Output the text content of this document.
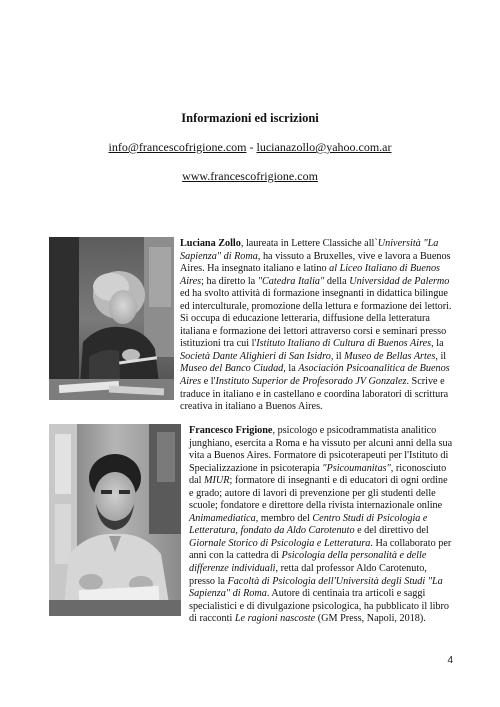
Informazioni ed iscrizioni
info@francescofrigione.com - lucianazollo@yahoo.com.ar
www.francescofrigione.com
Luciana Zollo, laureata in Lettere Classiche all`Università "La Sapienza" di Roma, ha vissuto a Bruxelles, vive e lavora a Buenos Aires. Ha insegnato italiano e latino al Liceo Italiano di Buenos Aires; ha diretto la "Catedra Italia" della Universidad de Palermo ed ha svolto attività di formazione insegnanti in didattica bilingue ed interculturale, promozione della lettura e formazione dei lettori. Si occupa di educazione letteraria, diffusione della letteratura italiana e formazione dei lettori attraverso corsi e seminari presso istituzioni tra cui l'Istituto Italiano di Cultura di Buenos Aires, la Società Dante Alighieri di San Isidro, il Museo de Bellas Artes, il Museo del Banco Ciudad, la Asociación Psicoanalitica de Buenos Aires e l'Instituto Superior de Profesorado JV Gonzalez. Scrive e traduce in italiano e in castellano e coordina laboratori di scrittura creativa in italiano a Buenos Aires.
Francesco Frigione, psicologo e psicodrammatista analitico junghiano, esercita a Roma e ha vissuto per alcuni anni della sua vita a Buenos Aires. Formatore di psicoterapeuti per l'Istituto di Specializzazione in psicoterapia "Psicoumanitas", riconosciuto dal MIUR; formatore di insegnanti e di educatori di ogni ordine e grado; autore di lavori di prevenzione per gli studenti delle scuole; fondatore e direttore della rivista internazionale online Animamediatica, membro del Centro Studi di Psicologia e Letteratura, fondato da Aldo Carotenuto e del direttivo del Giornale Storico di Psicologia e Letteratura. Ha collaborato per anni con la cattedra di Psicologia della personalità e delle differenze individuali, retta dal professor Aldo Carotenuto, presso la Facoltà di Psicologia dell'Università degli Studi "La Sapienza" di Roma. Autore di centinaia tra articoli e saggi specialistici e di divulgazione psicologica, ha pubblicato il libro di racconti Le ragioni nascoste (GM Press, Napoli, 2018).
4
